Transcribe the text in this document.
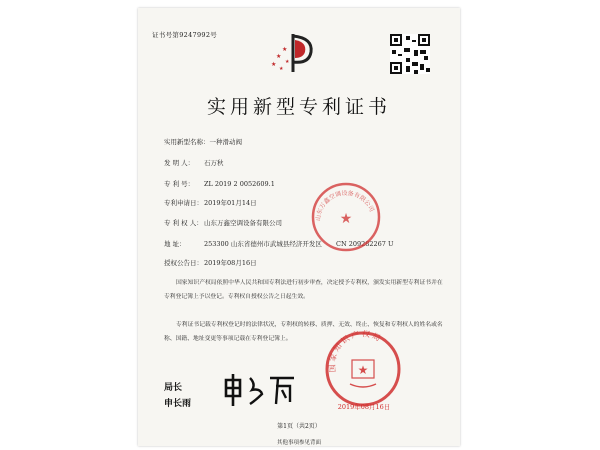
证书号第9247992号
★
★
★
★
★
实用新型专利证书
实用新型名称：一种滑动阀
发 明 人： 石万秋
专 利 号： ZL 2019 2 0052609.1
专利申请日：2019年01月14日
专 利 权 人：山东万鑫空调设备有限公司
地 址：	253300 山东省德州市武城县经济开发区 CN 209282267 U
授权公告日：2019年08月16日
★
山东万鑫空调设备有限公司
国家知识产权局依照中华人民共和国专利法进行初步审查，决定授予专利权，颁发实用新型专利证书并在专利登记簿上予以登记。专利权自授权公告之日起生效。
专利证书记载专利权登记时的法律状况，专利权的转移、质押、无效、终止、恢复和专利权人的姓名或名称、国籍、地址变更等事项记载在专利登记簿上。
局长
申长雨
国家知识产权局
★
2019年08月16日
第1页（共2页）
其他事项参见背面
